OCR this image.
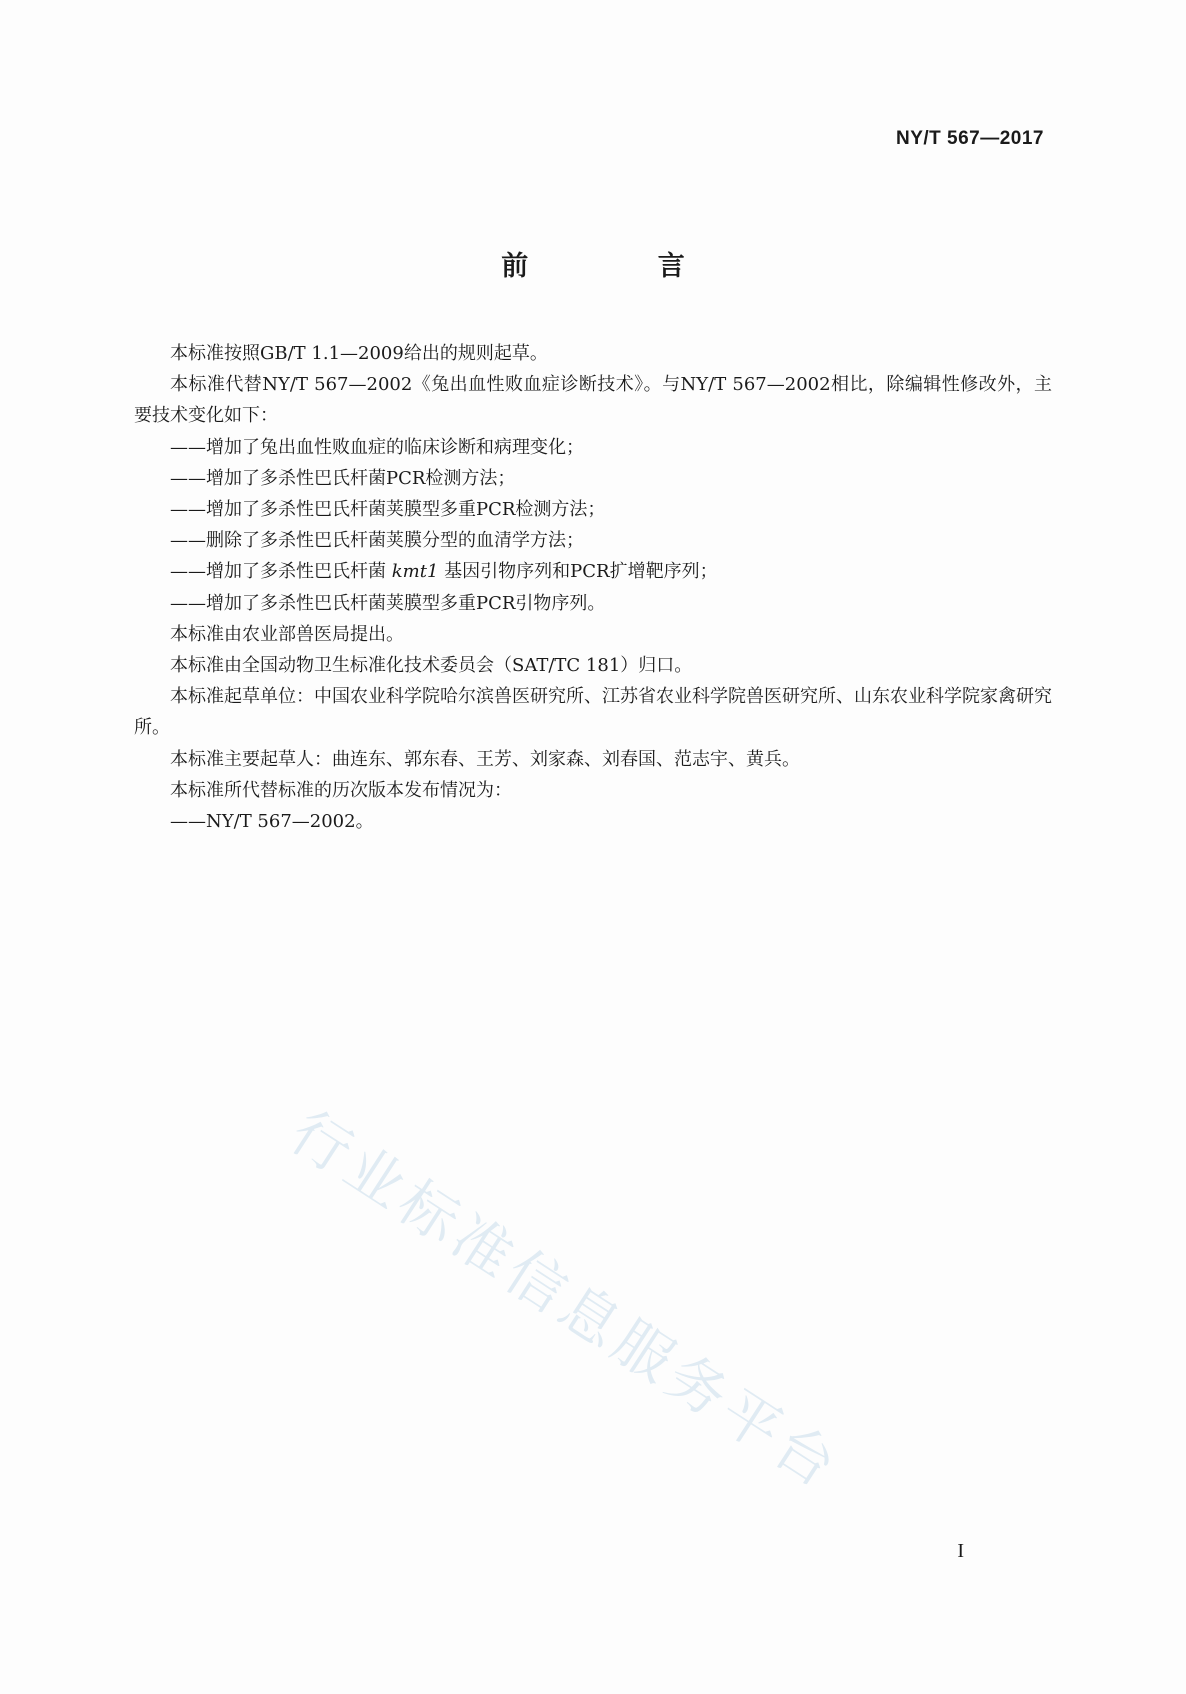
NY/T 567—2017
前 言

本标准按照GB/T 1.1—2009给出的规则起草。

本标准代替NY/T 567—2002《兔出血性败血症诊断技术》。与NY/T 567—2002相比，除编辑性修改外，主要技术变化如下：

——增加了兔出血性败血症的临床诊断和病理变化；

——增加了多杀性巴氏杆菌PCR检测方法；

——增加了多杀性巴氏杆菌荚膜型多重PCR检测方法；

——删除了多杀性巴氏杆菌荚膜分型的血清学方法；

——增加了多杀性巴氏杆菌 kmt1 基因引物序列和PCR扩增靶序列；

——增加了多杀性巴氏杆菌荚膜型多重PCR引物序列。

本标准由农业部兽医局提出。

本标准由全国动物卫生标准化技术委员会（SAT/TC 181）归口。

本标准起草单位：中国农业科学院哈尔滨兽医研究所、江苏省农业科学院兽医研究所、山东农业科学院家禽研究所。

本标准主要起草人：曲连东、郭东春、王芳、刘家森、刘春国、范志宇、黄兵。

本标准所代替标准的历次版本发布情况为：

——NY/T 567—2002。

行业标准信息服务平台
I
